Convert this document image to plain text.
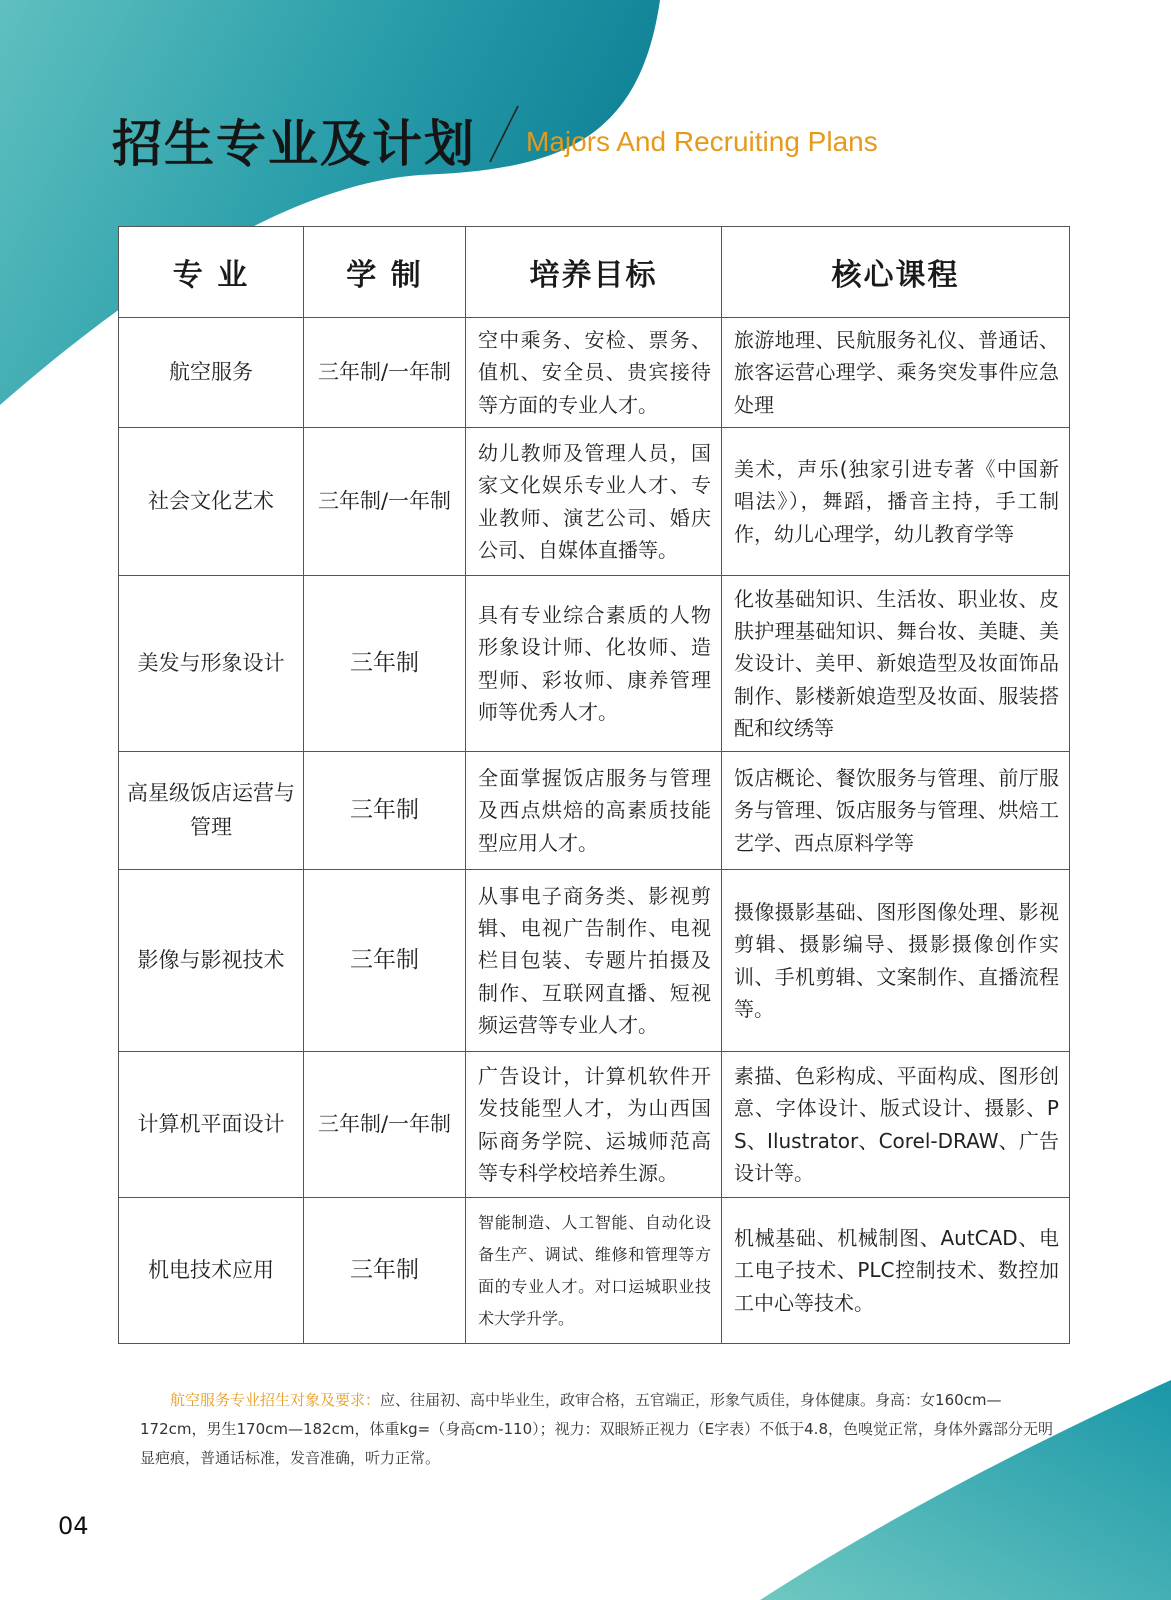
招生专业及计划 Majors And Recruiting Plans
专 业	学 制	培养目标	核心课程
航空服务	三年制/一年制	空中乘务、安检、票务、值机、安全员、贵宾接待等方面的专业人才。	旅游地理、民航服务礼仪、普通话、旅客运营心理学、乘务突发事件应急处理
社会文化艺术	三年制/一年制	幼儿教师及管理人员，国家文化娱乐专业人才、专业教师、演艺公司、婚庆公司、自媒体直播等。	美术，声乐(独家引进专著《中国新唱法》），舞蹈，播音主持，手工制作，幼儿心理学，幼儿教育学等
美发与形象设计	三年制	具有专业综合素质的人物形象设计师、化妆师、造型师、彩妆师、康养管理师等优秀人才。	化妆基础知识、生活妆、职业妆、皮肤护理基础知识、舞台妆、美睫、美发设计、美甲、新娘造型及妆面饰品制作、影楼新娘造型及妆面、服装搭配和纹绣等
高星级饭店运营与管理	三年制	全面掌握饭店服务与管理及西点烘焙的高素质技能型应用人才。	饭店概论、餐饮服务与管理、前厅服务与管理、饭店服务与管理、烘焙工艺学、西点原料学等
影像与影视技术	三年制	从事电子商务类、影视剪辑、电视广告制作、电视栏目包装、专题片拍摄及制作、互联网直播、短视频运营等专业人才。	摄像摄影基础、图形图像处理、影视剪辑、摄影编导、摄影摄像创作实训、手机剪辑、文案制作、直播流程等。
计算机平面设计	三年制/一年制	广告设计，计算机软件开发技能型人才，为山西国际商务学院、运城师范高等专科学校培养生源。	素描、色彩构成、平面构成、图形创意、字体设计、版式设计、摄影、PS、Ilustrator、Corel-DRAW、广告设计等。
机电技术应用	三年制	智能制造、人工智能、自动化设备生产、调试、维修和管理等方面的专业人才。对口运城职业技术大学升学。	机械基础、机械制图、AutCAD、电工电子技术、PLC控制技术、数控加工中心等技术。
航空服务专业招生对象及要求：应、往届初、高中毕业生，政审合格，五官端正，形象气质佳，身体健康。身高：女160cm—172cm，男生170cm—182cm，体重kg=（身高cm-110）；视力：双眼矫正视力（E字表）不低于4.8，色嗅觉正常，身体外露部分无明显疤痕，普通话标准，发音准确，听力正常。
04
